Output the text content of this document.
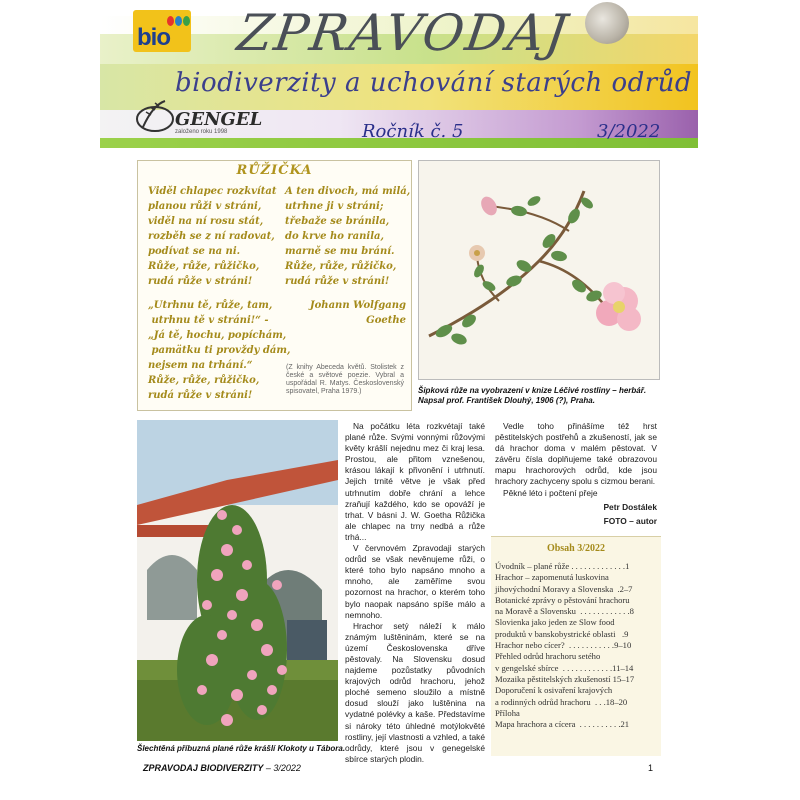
bio ZPRAVODAJ
biodiverzity a uchování starých odrůd
GENGEL
založeno roku 1998	Ročník č. 5	3/2022
RŮŽIČKA
Viděl chlapec rozkvítat
planou růži v stráni,
viděl na ní rosu stát,
rozběh se z ní radovat,
podívat se na ni.
Růže, růže, růžičko,
rudá růže v stráni!
A ten divoch, má milá,
utrhne ji v stráni;
třebaže se bránila,
do krve ho ranila,
marně se mu brání.
Růže, růže, růžičko,
rudá růže v stráni!
„Utrhnu tě, růže, tam,
utrhnu tě v stráni!“ -
„Já tě, hochu, popíchám,
pamätku ti provždy dám,
nejsem na trhání.“
Růže, růže, růžičko,
rudá růže v stráni!
Johann Wolfgang
Goethe
(Z knihy Abeceda květů. Stolistek z české a světové poezie. Vybral a uspořádal R. Matys. Československý spisovatel, Praha 1979.)	Šipková růže na vyobrazení v knize Léčivé rostliny – herbář. Napsal prof. František Dlouhý, 1906 (?), Praha.
Šlechtěná příbuzná plané růže krášlí Klokoty u Tábora.

Na počátku léta rozkvétají také plané růže. Svými vonnými růžovými květy krášlí nejednu mez či kraj lesa. Prostou, ale přitom vznešenou, krásou lákají k přivonění i utrhnutí. Jejich trnité větve je však před utrhnutím dobře chrání a lehce zraňují každého, kdo se opováží je trhat. V básni J. W. Goetha Růžička ale chlapec na trny nedbá a růže trhá...

V červnovém Zpravodaji starých odrůd se však nevěnujeme růži, o které toho bylo napsáno mnoho a mnoho, ale zaměříme svou pozornost na hrachor, o kterém toho bylo naopak napsáno spíše málo a nemnoho.

Hrachor setý náleží k málo známým luštěninám, které se na území Československa dříve pěstovaly. Na Slovensku dosud najdeme pozůstatky původních krajových odrůd hrachoru, jehož ploché semeno sloužilo a místně dosud slouží jako luštěnina na vydatné polévky a kaše. Představíme si nároky této úhledné motýlokvěté rostliny, její vlastnosti a vzhled, a také odrůdy, které jsou v genegelské sbírce starých plodin.

Vedle toho přinášíme též hrst pěstitelských postřehů a zkušeností, jak se dá hrachor doma v malém pěstovat. V závěru čísla doplňujeme také obrazovou mapu hrachorových odrůd, kde jsou hrachory zachyceny spolu s cizmou berani.

Pěkné léto i počtení přeje

Petr Dostálek
FOTO – autor
Obsah 3/2022
Úvodník – plané růže . . . . . . . . . . . . .1
Hrachor – zapomenutá luskovina
jihovýchodní Moravy a Slovenska  .2–7
Botanické zprávy o pěstování hrachoru
na Moravě a Slovensku  . . . . . . . . . . . .8
Slovienka jako jeden ze Slow food
produktů v banskobystrické oblasti   .9
Hrachor nebo cícer?  . . . . . . . . . . .9–10
Přehled odrůd hrachoru setého
v gengelské sbírce  . . . . . . . . . . . .11–14
Mozaika pěstitelských zkušeností 15–17
Doporučení k osivaření krajových
a rodinných odrůd hrachoru  . . .18–20
Příloha
Mapa hrachora a cícera  . . . . . . . . . .21
ZPRAVODAJ BIODIVERZITY – 3/2022	1
